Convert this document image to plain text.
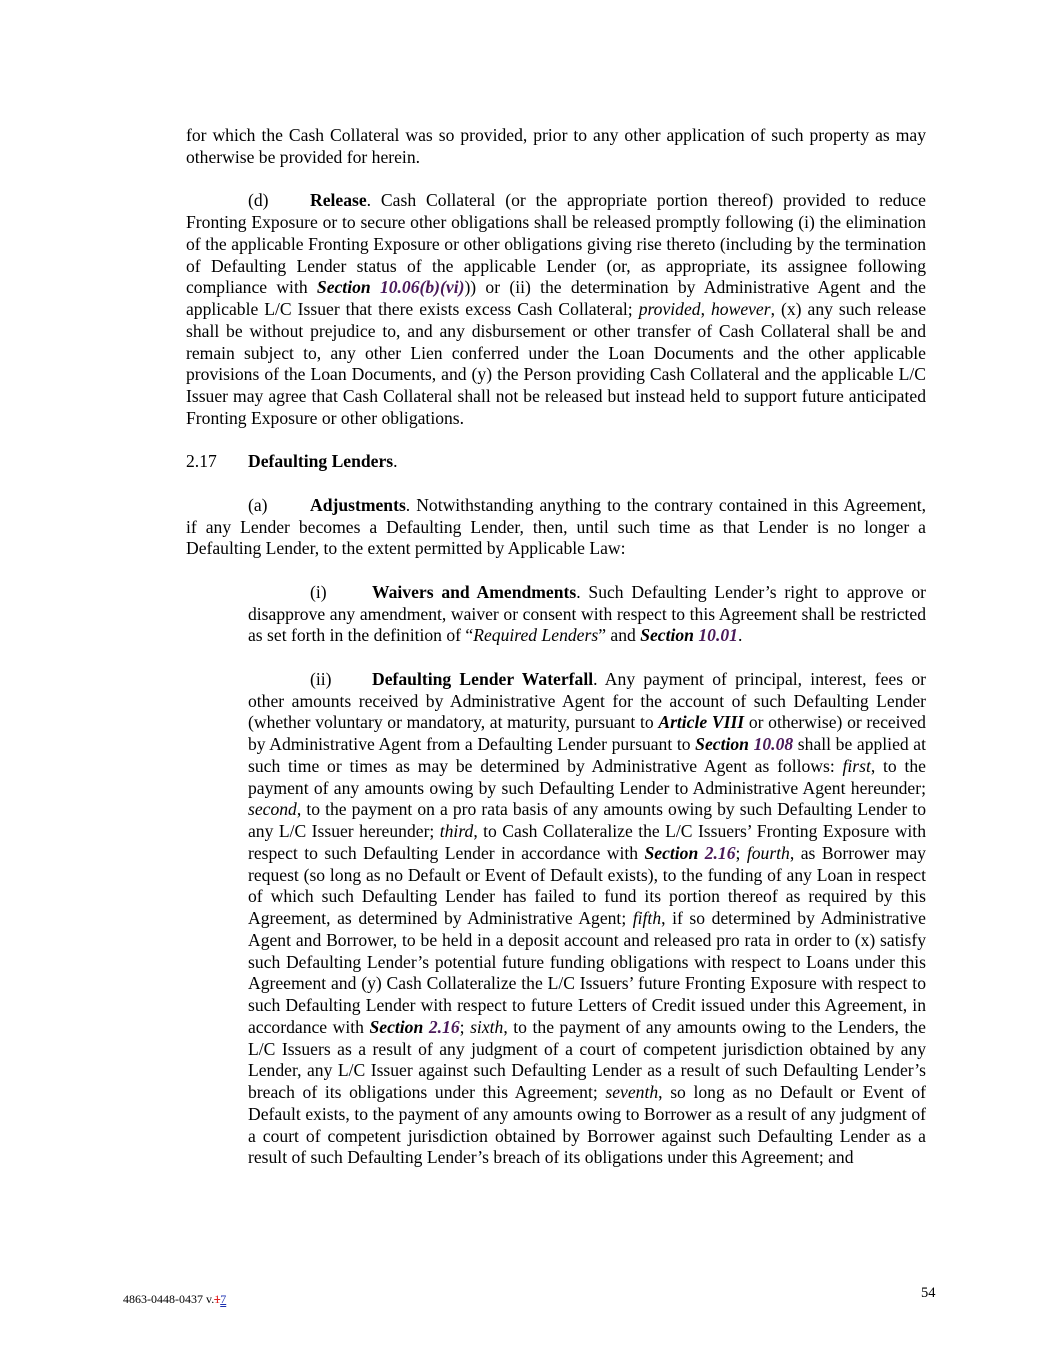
for which the Cash Collateral was so provided, prior to any other application of such property as may otherwise be provided for herein.

(d) Release. Cash Collateral (or the appropriate portion thereof) provided to reduce Fronting Exposure or to secure other obligations shall be released promptly following (i) the elimination of the applicable Fronting Exposure or other obligations giving rise thereto (including by the termination of Defaulting Lender status of the applicable Lender (or, as appropriate, its assignee following compliance with Section 10.06(b)(vi))) or (ii) the determination by Administrative Agent and the applicable L/C Issuer that there exists excess Cash Collateral; provided, however, (x) any such release shall be without prejudice to, and any disbursement or other transfer of Cash Collateral shall be and remain subject to, any other Lien conferred under the Loan Documents and the other applicable provisions of the Loan Documents, and (y) the Person providing Cash Collateral and the applicable L/C Issuer may agree that Cash Collateral shall not be released but instead held to support future anticipated Fronting Exposure or other obligations.

2.17 Defaulting Lenders.

(a) Adjustments. Notwithstanding anything to the contrary contained in this Agreement, if any Lender becomes a Defaulting Lender, then, until such time as that Lender is no longer a Defaulting Lender, to the extent permitted by Applicable Law:

(i)	Waivers and Amendments. Such Defaulting Lender’s right to approve or disapprove any amendment, waiver or consent with respect to this Agreement shall be restricted as set forth in the definition of “Required Lenders” and Section 10.01.

(ii) Defaulting Lender Waterfall. Any payment of principal, interest, fees or other amounts received by Administrative Agent for the account of such Defaulting Lender (whether voluntary or mandatory, at maturity, pursuant to Article VIII or otherwise) or received by Administrative Agent from a Defaulting Lender pursuant to Section 10.08 shall be applied at such time or times as may be determined by Administrative Agent as follows: first, to the payment of any amounts owing by such Defaulting Lender to Administrative Agent hereunder; second, to the payment on a pro rata basis of any amounts owing by such Defaulting Lender to any L/C Issuer hereunder; third, to Cash Collateralize the L/C Issuers’ Fronting Exposure with respect to such Defaulting Lender in accordance with Section 2.16; fourth, as Borrower may request (so long as no Default or Event of Default exists), to the funding of any Loan in respect of which such Defaulting Lender has failed to fund its portion thereof as required by this Agreement, as determined by Administrative Agent; fifth, if so determined by Administrative Agent and Borrower, to be held in a deposit account and released pro rata in order to (x) satisfy such Defaulting Lender’s potential future funding obligations with respect to Loans under this Agreement and (y) Cash Collateralize the L/C Issuers’ future Fronting Exposure with respect to such Defaulting Lender with respect to future Letters of Credit issued under this Agreement, in accordance with Section 2.16; sixth, to the payment of any amounts owing to the Lenders, the L/C Issuers as a result of any judgment of a court of competent jurisdiction obtained by any Lender, any L/C Issuer against such Defaulting Lender as a result of such Defaulting Lender’s breach of its obligations under this Agreement; seventh, so long as no Default or Event of Default exists, to the payment of any amounts owing to Borrower as a result of any judgment of a court of competent jurisdiction obtained by Borrower against such Defaulting Lender as a result of such Defaulting Lender’s breach of its obligations under this Agreement; and

4863-0448-0437 v.17	54
